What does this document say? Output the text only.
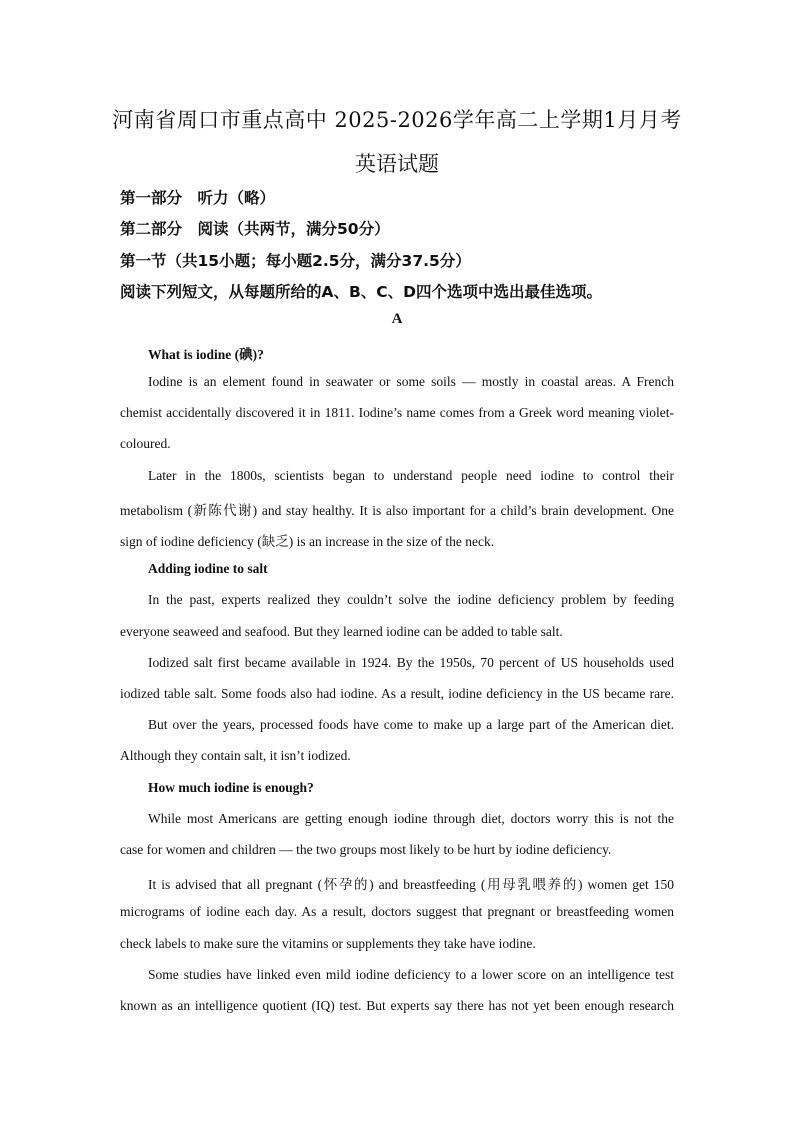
河南省周口市重点高中 2025-2026学年高二上学期1月月考
英语试题
第一部分　听力（略）
第二部分　阅读（共两节，满分50分）
第一节（共15小题；每小题2.5分，满分37.5分）
阅读下列短文，从每题所给的A、B、C、D四个选项中选出最佳选项。
A
What is iodine (碘)?
Iodine is an element found in seawater or some soils — mostly in coastal areas. A French
chemist accidentally discovered it in 1811. Iodine’s name comes from a Greek word meaning violet-
coloured.
Later in the 1800s, scientists began to understand people need iodine to control their
metabolism (新陈代谢) and stay healthy. It is also important for a child’s brain development. One
sign of iodine deficiency (缺乏) is an increase in the size of the neck.
Adding iodine to salt
In the past, experts realized they couldn’t solve the iodine deficiency problem by feeding
everyone seaweed and seafood. But they learned iodine can be added to table salt.
Iodized salt first became available in 1924. By the 1950s, 70 percent of US households used
iodized table salt. Some foods also had iodine. As a result, iodine deficiency in the US became rare.
But over the years, processed foods have come to make up a large part of the American diet.
Although they contain salt, it isn’t iodized.
How much iodine is enough?
While most Americans are getting enough iodine through diet, doctors worry this is not the
case for women and children — the two groups most likely to be hurt by iodine deficiency.
It is advised that all pregnant (怀孕的) and breastfeeding (用母乳喂养的) women get 150
micrograms of iodine each day. As a result, doctors suggest that pregnant or breastfeeding women
check labels to make sure the vitamins or supplements they take have iodine.
Some studies have linked even mild iodine deficiency to a lower score on an intelligence test
known as an intelligence quotient (IQ) test. But experts say there has not yet been enough research
